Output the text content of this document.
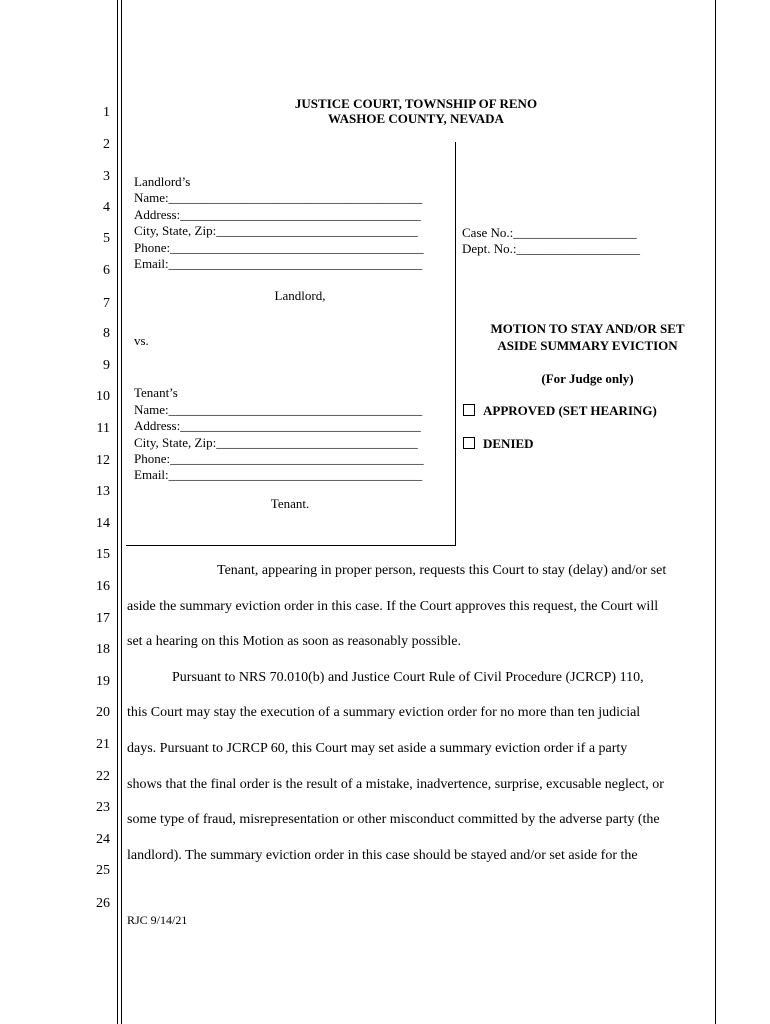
1
2
3
4
5
6
7
8
9
10
11
12
13
14
15
16
17
18
19
20
21
22
23
24
25
26
JUSTICE COURT, TOWNSHIP OF RENO
WASHOE COUNTY, NEVADA
Landlord’s
Name:_______________________________________
Address:_____________________________________
City, State, Zip:_______________________________
Phone:_______________________________________
Email:_______________________________________
Landlord,
vs.
Tenant’s
Name:_______________________________________
Address:_____________________________________
City, State, Zip:_______________________________
Phone:_______________________________________
Email:_______________________________________
Tenant.
Case No.:___________________
Dept. No.:___________________
MOTION TO STAY AND/OR SET
ASIDE SUMMARY EVICTION
(For Judge only)
APPROVED (SET HEARING)
DENIED
Tenant, appearing in proper person, requests this Court to stay (delay) and/or set
aside the summary eviction order in this case. If the Court approves this request, the Court will
set a hearing on this Motion as soon as reasonably possible.
Pursuant to NRS 70.010(b) and Justice Court Rule of Civil Procedure (JCRCP) 110,
this Court may stay the execution of a summary eviction order for no more than ten judicial
days. Pursuant to JCRCP 60, this Court may set aside a summary eviction order if a party
shows that the final order is the result of a mistake, inadvertence, surprise, excusable neglect, or
some type of fraud, misrepresentation or other misconduct committed by the adverse party (the
landlord). The summary eviction order in this case should be stayed and/or set aside for the
RJC 9/14/21
